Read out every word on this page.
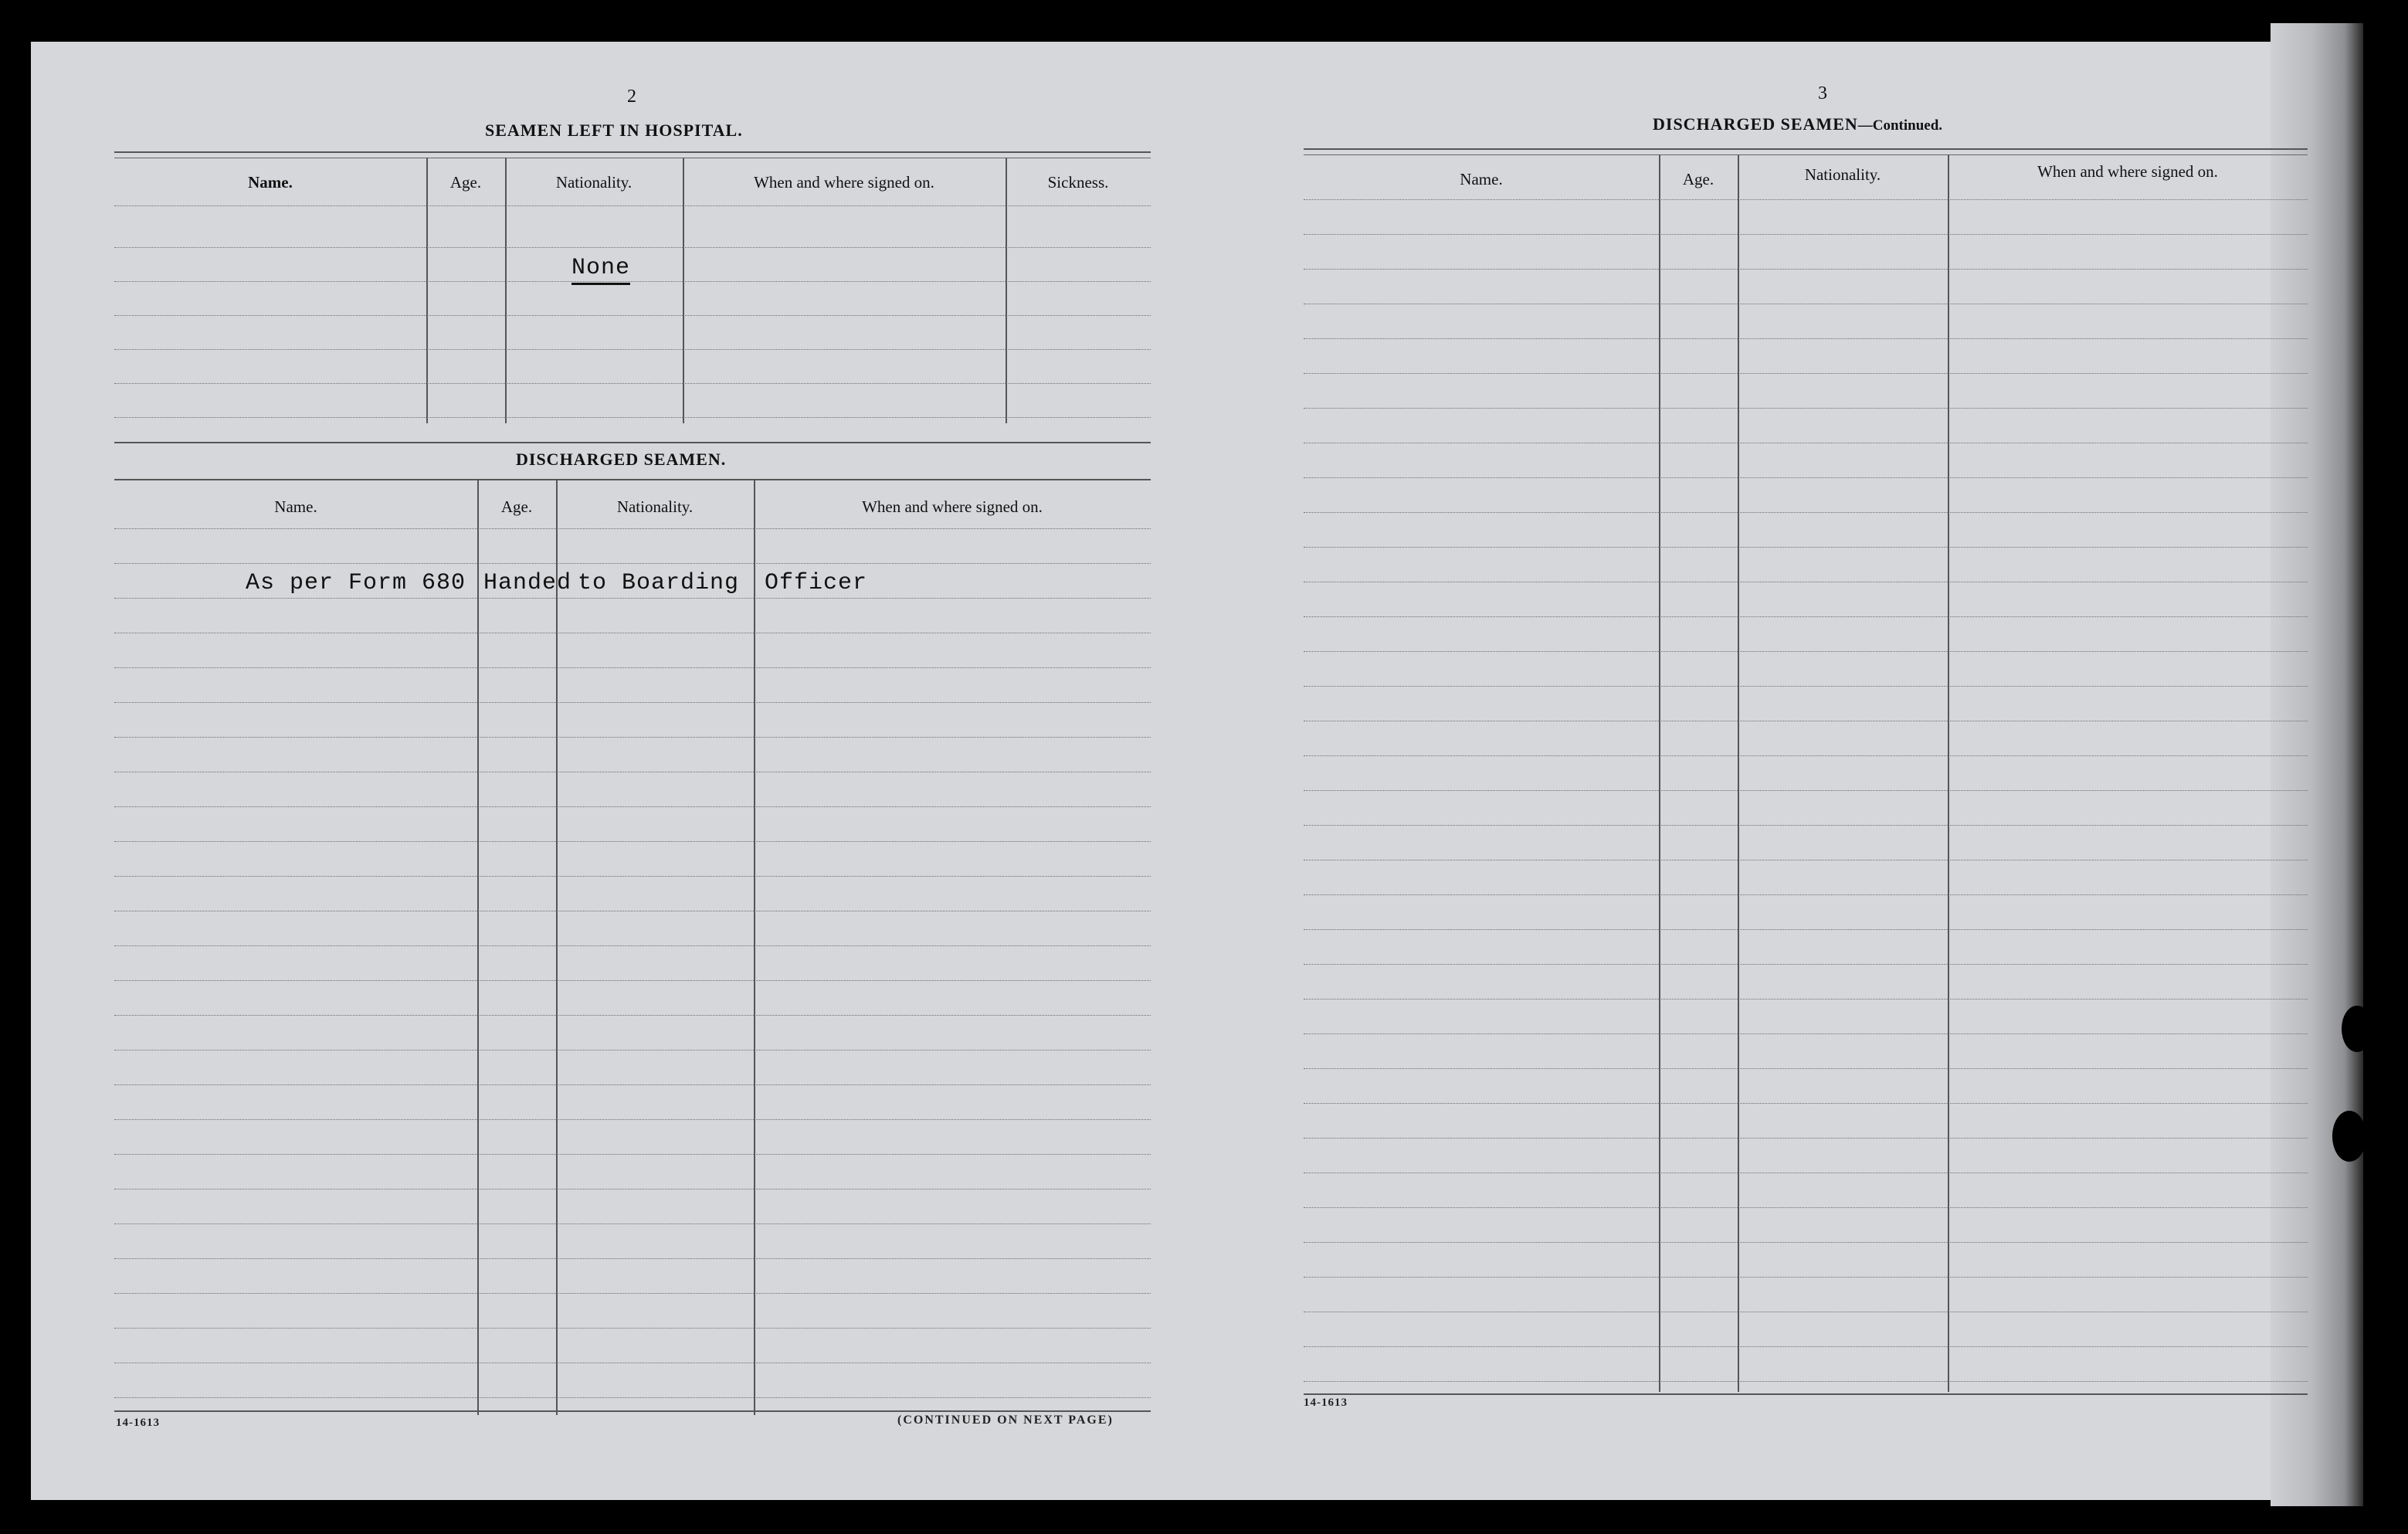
2
SEAMEN LEFT IN HOSPITAL.
Name.	Age.	Nationality.	When and where signed on.	Sickness.
None
DISCHARGED SEAMEN.
Name.	Age.	Nationality.	When and where signed on.
As per Form 680 Handed to Boarding Officer
14-1613	(CONTINUED ON NEXT PAGE)
3
DISCHARGED SEAMEN—Continued.
Name.	Age.	Nationality.	When and where signed on.
14-1613
